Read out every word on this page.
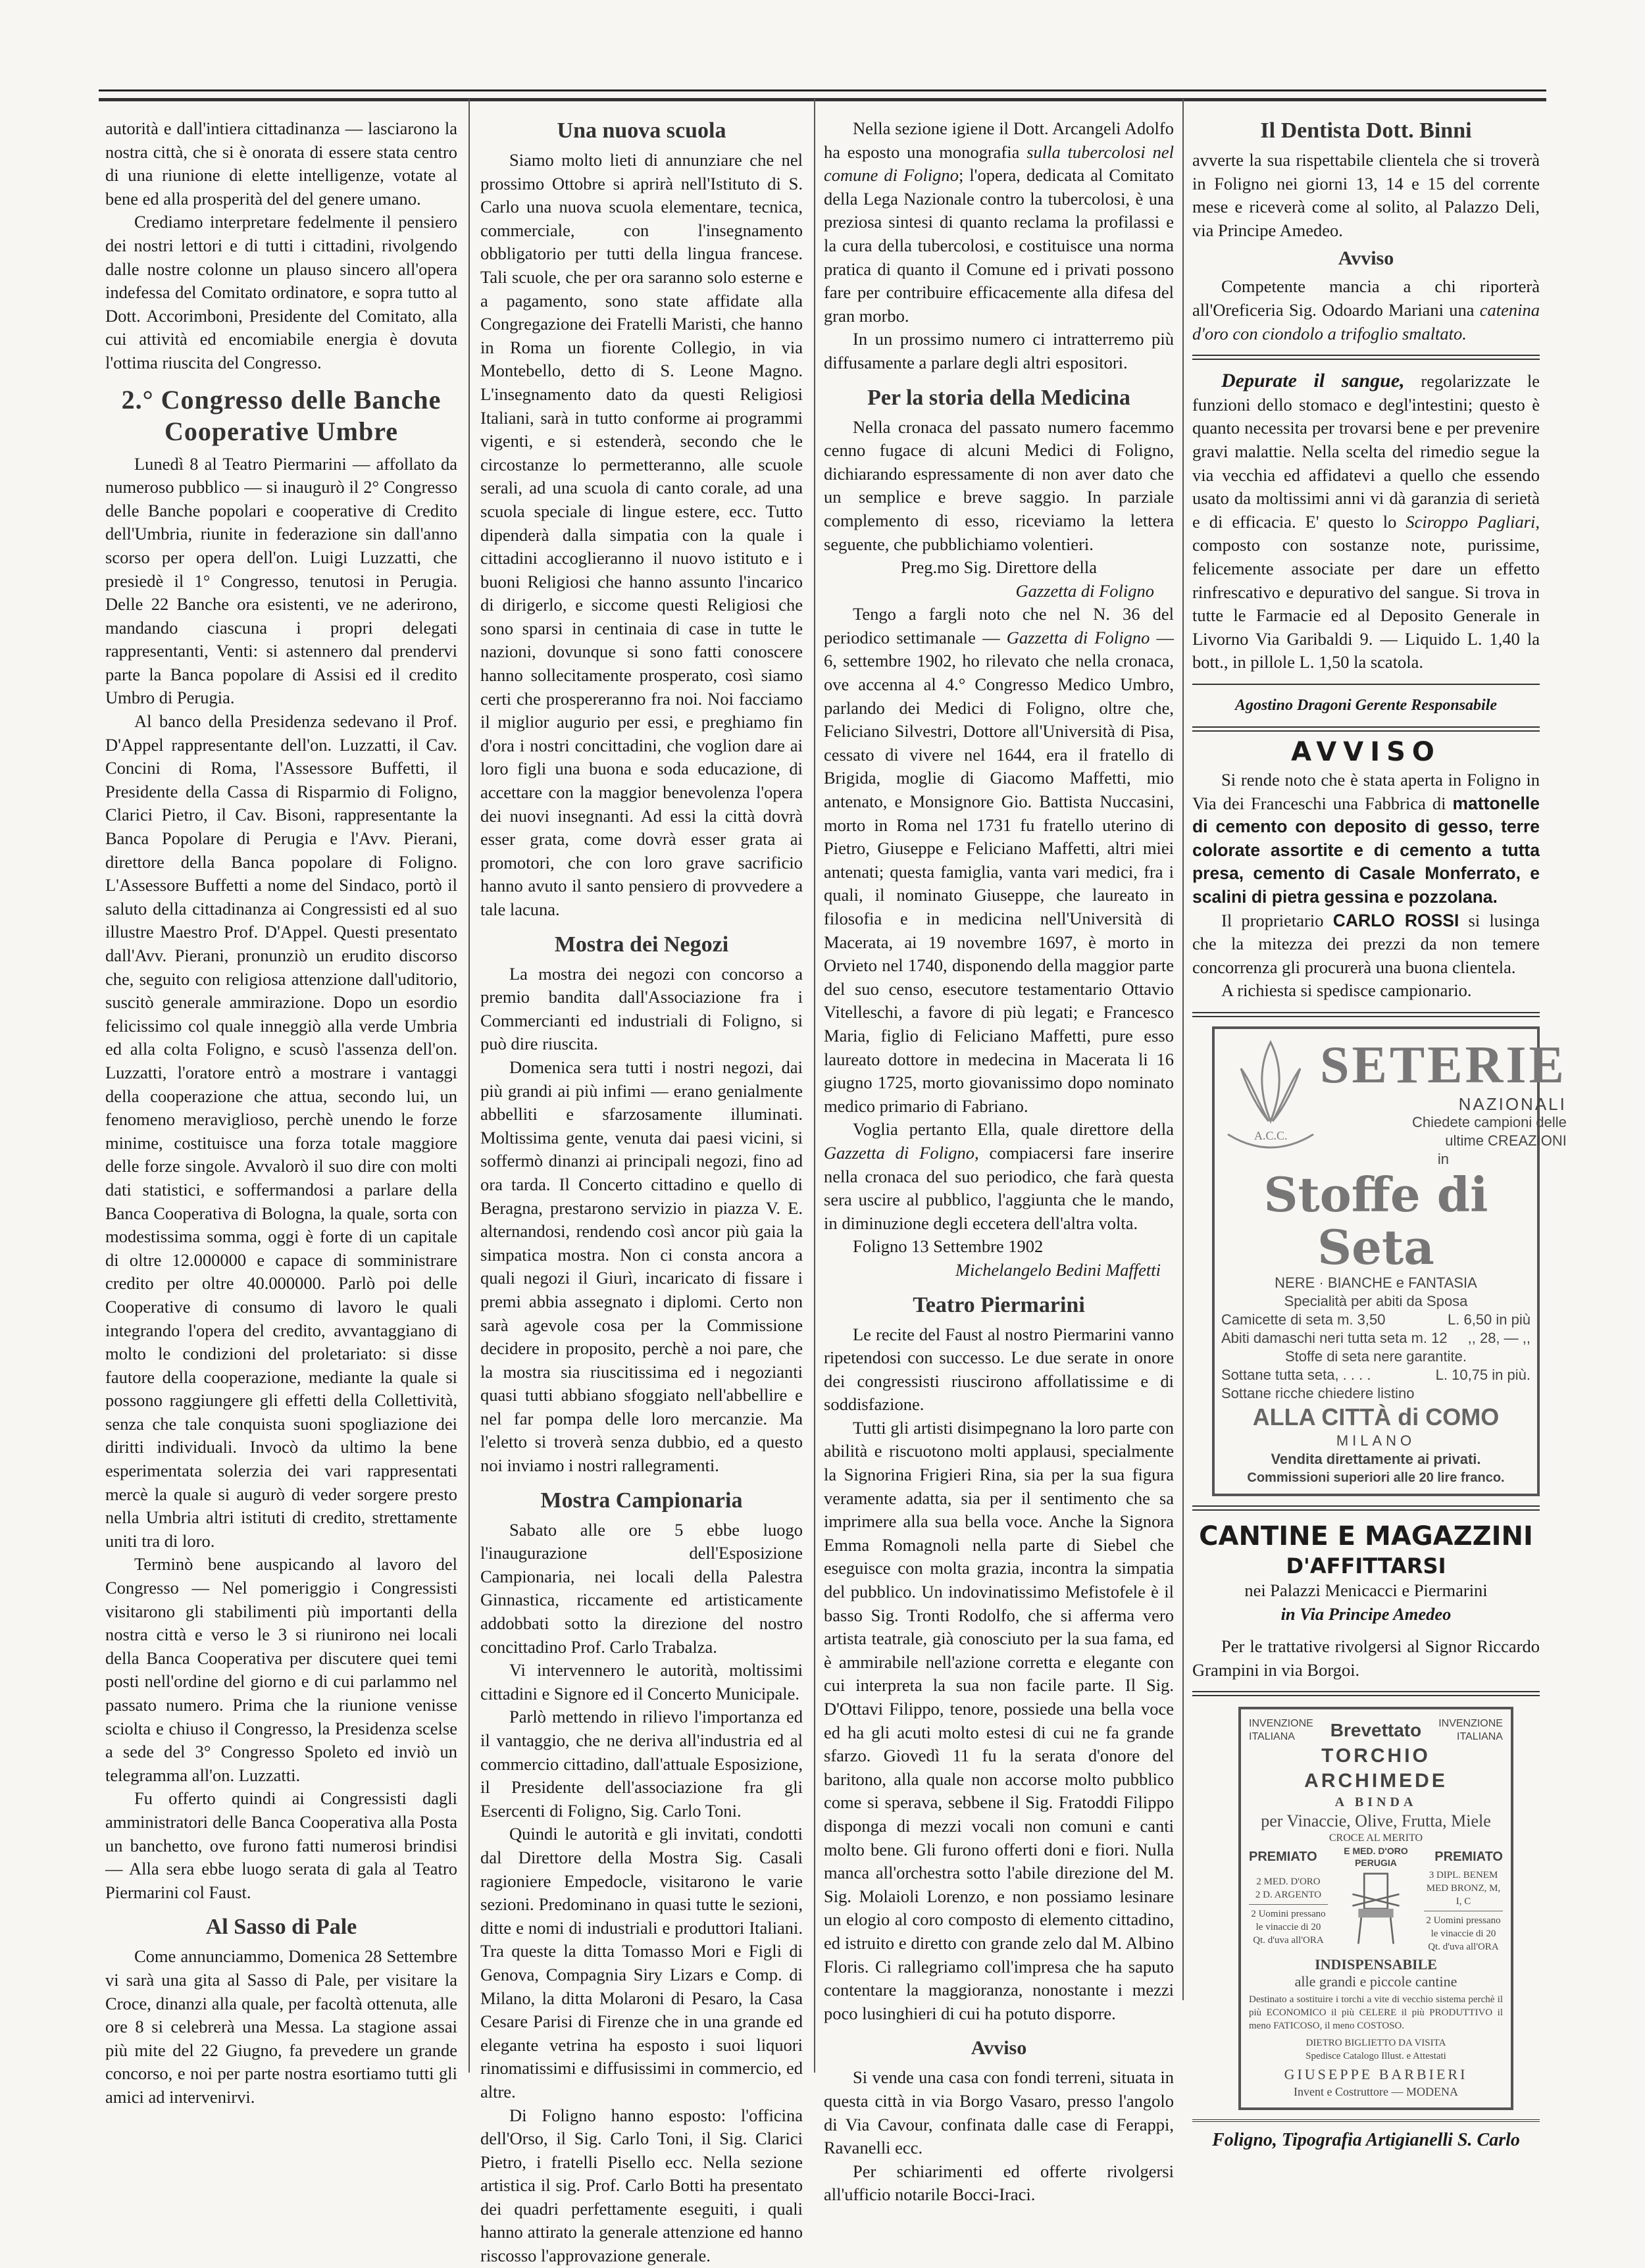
autorità e dall'intiera cittadinanza — lasciarono la nostra città, che si è onorata di essere stata centro di una riunione di elette intelligenze, votate al bene ed alla prosperità del del genere umano.

Crediamo interpretare fedelmente il pensiero dei nostri lettori e di tutti i cittadini, rivolgendo dalle nostre colonne un plauso sincero all'opera indefessa del Comitato ordinatore, e sopra tutto al Dott. Accorimboni, Presidente del Comitato, alla cui attività ed encomiabile energia è dovuta l'ottima riuscita del Congresso.

2.° Congresso delle Banche Cooperative Umbre

Lunedì 8 al Teatro Piermarini — affollato da numeroso pubblico — si inaugurò il 2° Congresso delle Banche popolari e cooperative di Credito dell'Umbria, riunite in federazione sin dall'anno scorso per opera dell'on. Luigi Luzzatti, che presiedè il 1° Congresso, tenutosi in Perugia. Delle 22 Banche ora esistenti, ve ne aderirono, mandando ciascuna i propri delegati rappresentanti, Venti: si astennero dal prendervi parte la Banca popolare di Assisi ed il credito Umbro di Perugia.

Al banco della Presidenza sedevano il Prof. D'Appel rappresentante dell'on. Luzzatti, il Cav. Concini di Roma, l'Assessore Buffetti, il Presidente della Cassa di Risparmio di Foligno, Clarici Pietro, il Cav. Bisoni, rappresentante la Banca Popolare di Perugia e l'Avv. Pierani, direttore della Banca popolare di Foligno. L'Assessore Buffetti a nome del Sindaco, portò il saluto della cittadinanza ai Congressisti ed al suo illustre Maestro Prof. D'Appel. Questi presentato dall'Avv. Pierani, pronunziò un erudito discorso che, seguito con religiosa attenzione dall'uditorio, suscitò generale ammirazione. Dopo un esordio felicissimo col quale inneggiò alla verde Umbria ed alla colta Foligno, e scusò l'assenza dell'on. Luzzatti, l'oratore entrò a mostrare i vantaggi della cooperazione che attua, secondo lui, un fenomeno meraviglioso, perchè unendo le forze minime, costituisce una forza totale maggiore delle forze singole. Avvalorò il suo dire con molti dati statistici, e soffermandosi a parlare della Banca Cooperativa di Bologna, la quale, sorta con modestissima somma, oggi è forte di un capitale di oltre 12.000000 e capace di somministrare credito per oltre 40.000000. Parlò poi delle Cooperative di consumo di lavoro le quali integrando l'opera del credito, avvantaggiano di molto le condizioni del proletariato: si disse fautore della cooperazione, mediante la quale si possono raggiungere gli effetti della Collettività, senza che tale conquista suoni spogliazione dei diritti individuali. Invocò da ultimo la bene esperimentata solerzia dei vari rappresentati mercè la quale si augurò di veder sorgere presto nella Umbria altri istituti di credito, strettamente uniti tra di loro.

Terminò bene auspicando al lavoro del Congresso — Nel pomeriggio i Congressisti visitarono gli stabilimenti più importanti della nostra città e verso le 3 si riunirono nei locali della Banca Cooperativa per discutere quei temi posti nell'ordine del giorno e di cui parlammo nel passato numero. Prima che la riunione venisse sciolta e chiuso il Congresso, la Presidenza scelse a sede del 3° Congresso Spoleto ed inviò un telegramma all'on. Luzzatti.

Fu offerto quindi ai Congressisti dagli amministratori delle Banca Cooperativa alla Posta un banchetto, ove furono fatti numerosi brindisi — Alla sera ebbe luogo serata di gala al Teatro Piermarini col Faust.

Al Sasso di Pale

Come annunciammo, Domenica 28 Settembre vi sarà una gita al Sasso di Pale, per visitare la Croce, dinanzi alla quale, per facoltà ottenuta, alle ore 8 si celebrerà una Messa. La stagione assai più mite del 22 Giugno, fa prevedere un grande concorso, e noi per parte nostra esortiamo tutti gli amici ad intervenirvi.

Una nuova scuola

Siamo molto lieti di annunziare che nel prossimo Ottobre si aprirà nell'Istituto di S. Carlo una nuova scuola elementare, tecnica, commerciale, con l'insegnamento obbligatorio per tutti della lingua francese. Tali scuole, che per ora saranno solo esterne e a pagamento, sono state affidate alla Congregazione dei Fratelli Maristi, che hanno in Roma un fiorente Collegio, in via Montebello, detto di S. Leone Magno. L'insegnamento dato da questi Religiosi Italiani, sarà in tutto conforme ai programmi vigenti, e si estenderà, secondo che le circostanze lo permetteranno, alle scuole serali, ad una scuola di canto corale, ad una scuola speciale di lingue estere, ecc. Tutto dipenderà dalla simpatia con la quale i cittadini accoglieranno il nuovo istituto e i buoni Religiosi che hanno assunto l'incarico di dirigerlo, e siccome questi Religiosi che sono sparsi in centinaia di case in tutte le nazioni, dovunque si sono fatti conoscere hanno sollecitamente prosperato, così siamo certi che prospereranno fra noi. Noi facciamo il miglior augurio per essi, e preghiamo fin d'ora i nostri concittadini, che voglion dare ai loro figli una buona e soda educazione, di accettare con la maggior benevolenza l'opera dei nuovi insegnanti. Ad essi la città dovrà esser grata, come dovrà esser grata ai promotori, che con loro grave sacrificio hanno avuto il santo pensiero di provvedere a tale lacuna.

Mostra dei Negozi

La mostra dei negozi con concorso a premio bandita dall'Associazione fra i Commercianti ed industriali di Foligno, si può dire riuscita.

Domenica sera tutti i nostri negozi, dai più grandi ai più infimi — erano genialmente abbelliti e sfarzosamente illuminati. Moltissima gente, venuta dai paesi vicini, si soffermò dinanzi ai principali negozi, fino ad ora tarda. Il Concerto cittadino e quello di Beragna, prestarono servizio in piazza V. E. alternandosi, rendendo così ancor più gaia la simpatica mostra. Non ci consta ancora a quali negozi il Giurì, incaricato di fissare i premi abbia assegnato i diplomi. Certo non sarà agevole cosa per la Commissione decidere in proposito, perchè a noi pare, che la mostra sia riuscitissima ed i negozianti quasi tutti abbiano sfoggiato nell'abbellire e nel far pompa delle loro mercanzie. Ma l'eletto si troverà senza dubbio, ed a questo noi inviamo i nostri rallegramenti.

Mostra Campionaria

Sabato alle ore 5 ebbe luogo l'inaugurazione dell'Esposizione Campionaria, nei locali della Palestra Ginnastica, riccamente ed artisticamente addobbati sotto la direzione del nostro concittadino Prof. Carlo Trabalza.

Vi intervennero le autorità, moltissimi cittadini e Signore ed il Concerto Municipale.

Parlò mettendo in rilievo l'importanza ed il vantaggio, che ne deriva all'industria ed al commercio cittadino, dall'attuale Esposizione, il Presidente dell'associazione fra gli Esercenti di Foligno, Sig. Carlo Toni.

Quindi le autorità e gli invitati, condotti dal Direttore della Mostra Sig. Casali ragioniere Empedocle, visitarono le varie sezioni. Predominano in quasi tutte le sezioni, ditte e nomi di industriali e produttori Italiani. Tra queste la ditta Tomasso Mori e Figli di Genova, Compagnia Siry Lizars e Comp. di Milano, la ditta Molaroni di Pesaro, la Casa Cesare Parisi di Firenze che in una grande ed elegante vetrina ha esposto i suoi liquori rinomatissimi e diffusissimi in commercio, ed altre.

Di Foligno hanno esposto: l'officina dell'Orso, il Sig. Carlo Toni, il Sig. Clarici Pietro, i fratelli Pisello ecc. Nella sezione artistica il sig. Prof. Carlo Botti ha presentato dei quadri perfettamente eseguiti, i quali hanno attirato la generale attenzione ed hanno riscosso l'approvazione generale.

Nella sezione igiene il Dott. Arcangeli Adolfo ha esposto una monografia sulla tubercolosi nel comune di Foligno; l'opera, dedicata al Comitato della Lega Nazionale contro la tubercolosi, è una preziosa sintesi di quanto reclama la profilassi e la cura della tubercolosi, e costituisce una norma pratica di quanto il Comune ed i privati possono fare per contribuire efficacemente alla difesa del gran morbo.

In un prossimo numero ci intratterremo più diffusamente a parlare degli altri espositori.

Per la storia della Medicina

Nella cronaca del passato numero facemmo cenno fugace di alcuni Medici di Foligno, dichiarando espressamente di non aver dato che un semplice e breve saggio. In parziale complemento di esso, riceviamo la lettera seguente, che pubblichiamo volentieri.

Preg.mo Sig. Direttore della

Gazzetta di Foligno

Tengo a fargli noto che nel N. 36 del periodico settimanale — Gazzetta di Foligno — 6, settembre 1902, ho rilevato che nella cronaca, ove accenna al 4.° Congresso Medico Umbro, parlando dei Medici di Foligno, oltre che, Feliciano Silvestri, Dottore all'Università di Pisa, cessato di vivere nel 1644, era il fratello di Brigida, moglie di Giacomo Maffetti, mio antenato, e Monsignore Gio. Battista Nuccasini, morto in Roma nel 1731 fu fratello uterino di Pietro, Giuseppe e Feliciano Maffetti, altri miei antenati; questa famiglia, vanta vari medici, fra i quali, il nominato Giuseppe, che laureato in filosofia e in medicina nell'Università di Macerata, ai 19 novembre 1697, è morto in Orvieto nel 1740, disponendo della maggior parte del suo censo, esecutore testamentario Ottavio Vitelleschi, a favore di più legati; e Francesco Maria, figlio di Feliciano Maffetti, pure esso laureato dottore in medecina in Macerata li 16 giugno 1725, morto giovanissimo dopo nominato medico primario di Fabriano.

Voglia pertanto Ella, quale direttore della Gazzetta di Foligno, compiacersi fare inserire nella cronaca del suo periodico, che farà questa sera uscire al pubblico, l'aggiunta che le mando, in diminuzione degli eccetera dell'altra volta.

Foligno 13 Settembre 1902

Michelangelo Bedini Maffetti

Teatro Piermarini

Le recite del Faust al nostro Piermarini vanno ripetendosi con successo. Le due serate in onore dei congressisti riuscirono affollatissime e di soddisfazione.

Tutti gli artisti disimpegnano la loro parte con abilità e riscuotono molti applausi, specialmente la Signorina Frigieri Rina, sia per la sua figura veramente adatta, sia per il sentimento che sa imprimere alla sua bella voce. Anche la Signora Emma Romagnoli nella parte di Siebel che eseguisce con molta grazia, incontra la simpatia del pubblico. Un indovinatissimo Mefistofele è il basso Sig. Tronti Rodolfo, che si afferma vero artista teatrale, già conosciuto per la sua fama, ed è ammirabile nell'azione corretta e elegante con cui interpreta la sua non facile parte. Il Sig. D'Ottavi Filippo, tenore, possiede una bella voce ed ha gli acuti molto estesi di cui ne fa grande sfarzo. Giovedì 11 fu la serata d'onore del baritono, alla quale non accorse molto pubblico come si sperava, sebbene il Sig. Fratoddi Filippo disponga di mezzi vocali non comuni e canti molto bene. Gli furono offerti doni e fiori. Nulla manca all'orchestra sotto l'abile direzione del M. Sig. Molaioli Lorenzo, e non possiamo lesinare un elogio al coro composto di elemento cittadino, ed istruito e diretto con grande zelo dal M. Albino Floris. Ci rallegriamo coll'impresa che ha saputo contentare la maggioranza, nonostante i mezzi poco lusinghieri di cui ha potuto disporre.

Avviso

Si vende una casa con fondi terreni, situata in questa città in via Borgo Vasaro, presso l'angolo di Via Cavour, confinata dalle case di Ferappi, Ravanelli ecc.

Per schiarimenti ed offerte rivolgersi all'ufficio notarile Bocci-Iraci.

Il Dentista Dott. Binni

avverte la sua rispettabile clientela che si troverà in Foligno nei giorni 13, 14 e 15 del corrente mese e riceverà come al solito, al Palazzo Deli, via Principe Amedeo.

Avviso

Competente mancia a chi riporterà all'Oreficeria Sig. Odoardo Mariani una catenina d'oro con ciondolo a trifoglio smaltato.

Depurate il sangue, regolarizzate le funzioni dello stomaco e degl'intestini; questo è quanto necessita per trovarsi bene e per prevenire gravi malattie. Nella scelta del rimedio segue la via vecchia ed affidatevi a quello che essendo usato da moltissimi anni vi dà garanzia di serietà e di efficacia. E' questo lo Sciroppo Pagliari, composto con sostanze note, purissime, felicemente associate per dare un effetto rinfrescativo e depurativo del sangue. Si trova in tutte le Farmacie ed al Deposito Generale in Livorno Via Garibaldi 9. — Liquido L. 1,40 la bott., in pillole L. 1,50 la scatola.

Agostino Dragoni Gerente Responsabile

AVVISO

Si rende noto che è stata aperta in Foligno in Via dei Franceschi una Fabbrica di mattonelle di cemento con deposito di gesso, terre colorate assortite e di cemento a tutta presa, cemento di Casale Monferrato, e scalini di pietra gessina e pozzolana.

Il proprietario CARLO ROSSI si lusinga che la mitezza dei prezzi da non temere concorrenza gli procurerà una buona clientela.

A richiesta si spedisce campionario.

A.C.C.
SETERIE
NAZIONALI
Chiedete campioni delle
ultime CREAZIONI
in
Stoffe di Seta
NERE · BIANCHE e FANTASIA
Specialità per abiti da Sposa
Camicette di seta m. 3,50	L. 6,50 in più
Abiti damaschi neri tutta seta m. 12 ,, 28, — ,,
Stoffe di seta nere garantite.
Sottane tutta seta, . . . .	L. 10,75 in più.
Sottane ricche chiedere listino
ALLA CITTÀ di COMO
MILANO
Vendita direttamente ai privati.
Commissioni superiori alle 20 lire franco.
CANTINE E MAGAZZINI
D'AFFITTARSI

nei Palazzi Menicacci e Piermarini

in Via Principe Amedeo

Per le trattative rivolgersi al Signor Riccardo Grampini in via Borgoi.

INVENZIONE ITALIANA	Brevettato	INVENZIONE ITALIANA
TORCHIO ARCHIMEDE
A BINDA
per Vinaccie, Olive, Frutta, Miele
CROCE AL MERITO
PREMIATO	E MED. D'ORO PERUGIA	PREMIATO
2 MED. D'ORO
2 D. ARGENTO
2 Uomini pressano le vinaccie di 20 Qt. d'uva all'ORA
3 DIPL. BENEM
MED BRONZ, M, I, C
2 Uomini pressano le vinaccie di 20 Qt. d'uva all'ORA
INDISPENSABILE
alle grandi e piccole cantine
Destinato a sostituire i torchi a vite di vecchio sistema perchè il più ECONOMICO il più CELERE il più PRODUTTIVO il meno FATICOSO, il meno COSTOSO.
DIETRO BIGLIETTO DA VISITA
Spedisce Catalogo Illust. e Attestati
GIUSEPPE BARBIERI
Invent e Costruttore — MODENA
Foligno, Tipografia Artigianelli S. Carlo
